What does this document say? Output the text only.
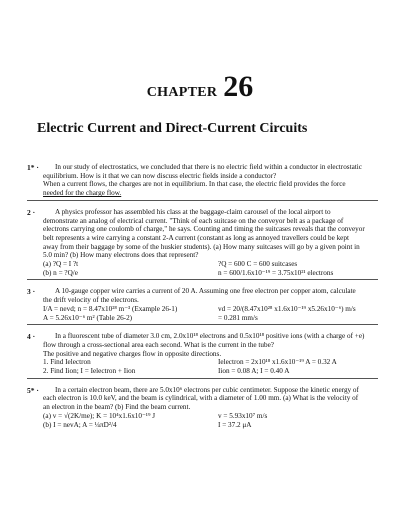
CHAPTER 26
Electric Current and Direct-Current Circuits
1* ·	In our study of electrostatics, we concluded that there is no electric field within a conductor in electrostatic
equilibrium. How is it that we can now discuss electric fields inside a conductor?
When a current flows, the charges are not in equilibrium. In that case, the electric field provides the force
needed for the charge flow.
2 ·	A physics professor has assembled his class at the baggage-claim carousel of the local airport to
demonstrate an analog of electrical current. "Think of each suitcase on the conveyor belt as a package of
electrons carrying one coulomb of charge," he says. Counting and timing the suitcases reveals that the conveyor
belt represents a wire carrying a constant 2-A current (constant as long as annoyed travellers could be kept
away from their baggage by some of the huskier students). (a) How many suitcases will go by a given point in
5.0 min? (b) How many electrons does that represent?
(a) ?Q = I ?t	?Q = 600 C = 600 suitcases
(b) n = ?Q/e	n = 600/1.6x10⁻¹⁹ = 3.75x10²¹ electrons
3 ·	A 10-gauge copper wire carries a current of 20 A. Assuming one free electron per copper atom, calculate
the drift velocity of the electrons.
I/A = nevd; n = 8.47x10²⁸ m⁻³ (Example 26-1)	vd = 20/(8.47x10²⁸ x1.6x10⁻¹⁹ x5.26x10⁻⁶) m/s
A = 5.26x10⁻⁶ m² (Table 26-2)	= 0.281 mm/s
4 ·	In a fluorescent tube of diameter 3.0 cm, 2.0x10¹⁸ electrons and 0.5x10¹⁸ positive ions (with a charge of +e)
flow through a cross-sectional area each second. What is the current in the tube?
The positive and negative charges flow in opposite directions.
1. Find Ielectron	Ielectron = 2x10¹⁸ x1.6x10⁻¹⁹ A = 0.32 A
2. Find Iion; I = Ielectron + Iion	Iion = 0.08 A; I = 0.40 A
5* ·	In a certain electron beam, there are 5.0x10⁶ electrons per cubic centimeter. Suppose the kinetic energy of
each electron is 10.0 keV, and the beam is cylindrical, with a diameter of 1.00 mm. (a) What is the velocity of
an electron in the beam? (b) Find the beam current.
(a) v = √(2K/me); K = 10⁴x1.6x10⁻¹⁹ J	v = 5.93x10⁷ m/s
(b) I = nevA; A = ¼πD²/4	I = 37.2 μA
